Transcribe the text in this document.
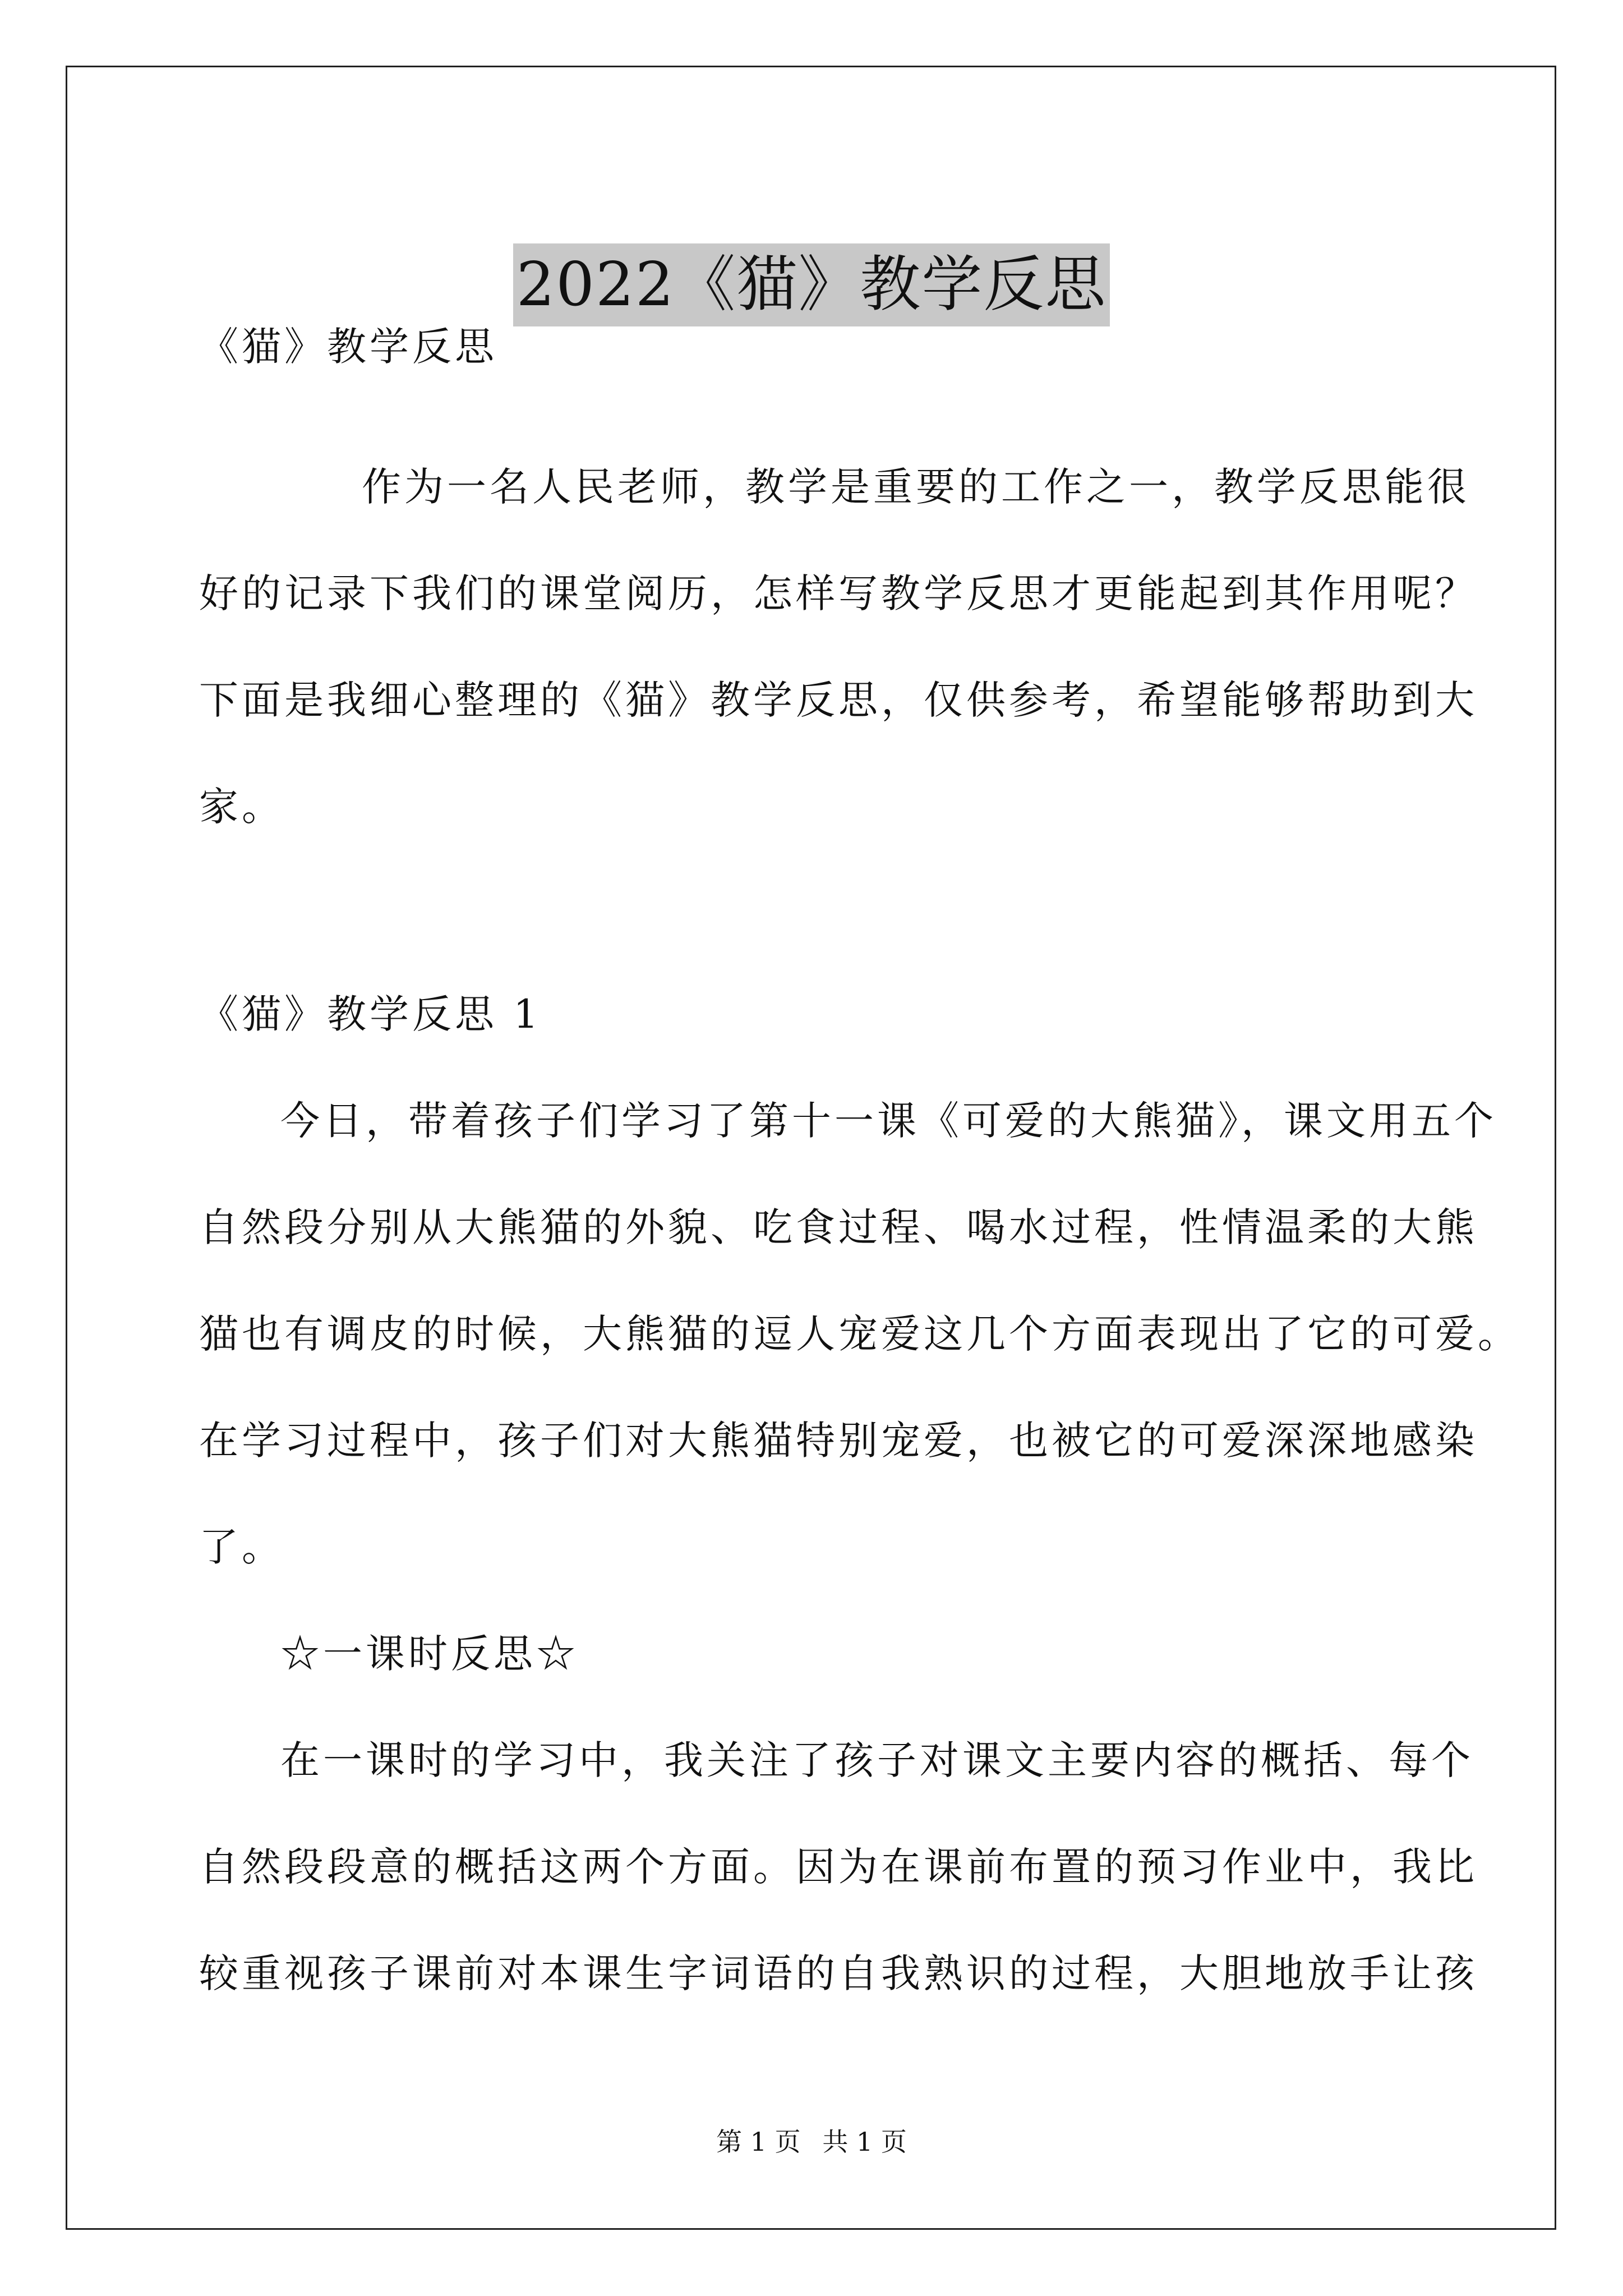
2022《猫》教学反思

《猫》教学反思

作为一名人民老师，教学是重要的工作之一，教学反思能很

好的记录下我们的课堂阅历，怎样写教学反思才更能起到其作用呢？

下面是我细心整理的《猫》教学反思，仅供参考，希望能够帮助到大

家。

《猫》教学反思 1

今日，带着孩子们学习了第十一课《可爱的大熊猫》，课文用五个

自然段分别从大熊猫的外貌、吃食过程、喝水过程，性情温柔的大熊

猫也有调皮的时候，大熊猫的逗人宠爱这几个方面表现出了它的可爱。

在学习过程中，孩子们对大熊猫特别宠爱，也被它的可爱深深地感染

了。

☆一课时反思☆

在一课时的学习中，我关注了孩子对课文主要内容的概括、每个

自然段段意的概括这两个方面。因为在课前布置的预习作业中，我比

较重视孩子课前对本课生字词语的自我熟识的过程，大胆地放手让孩

第 1 页 共 1 页
